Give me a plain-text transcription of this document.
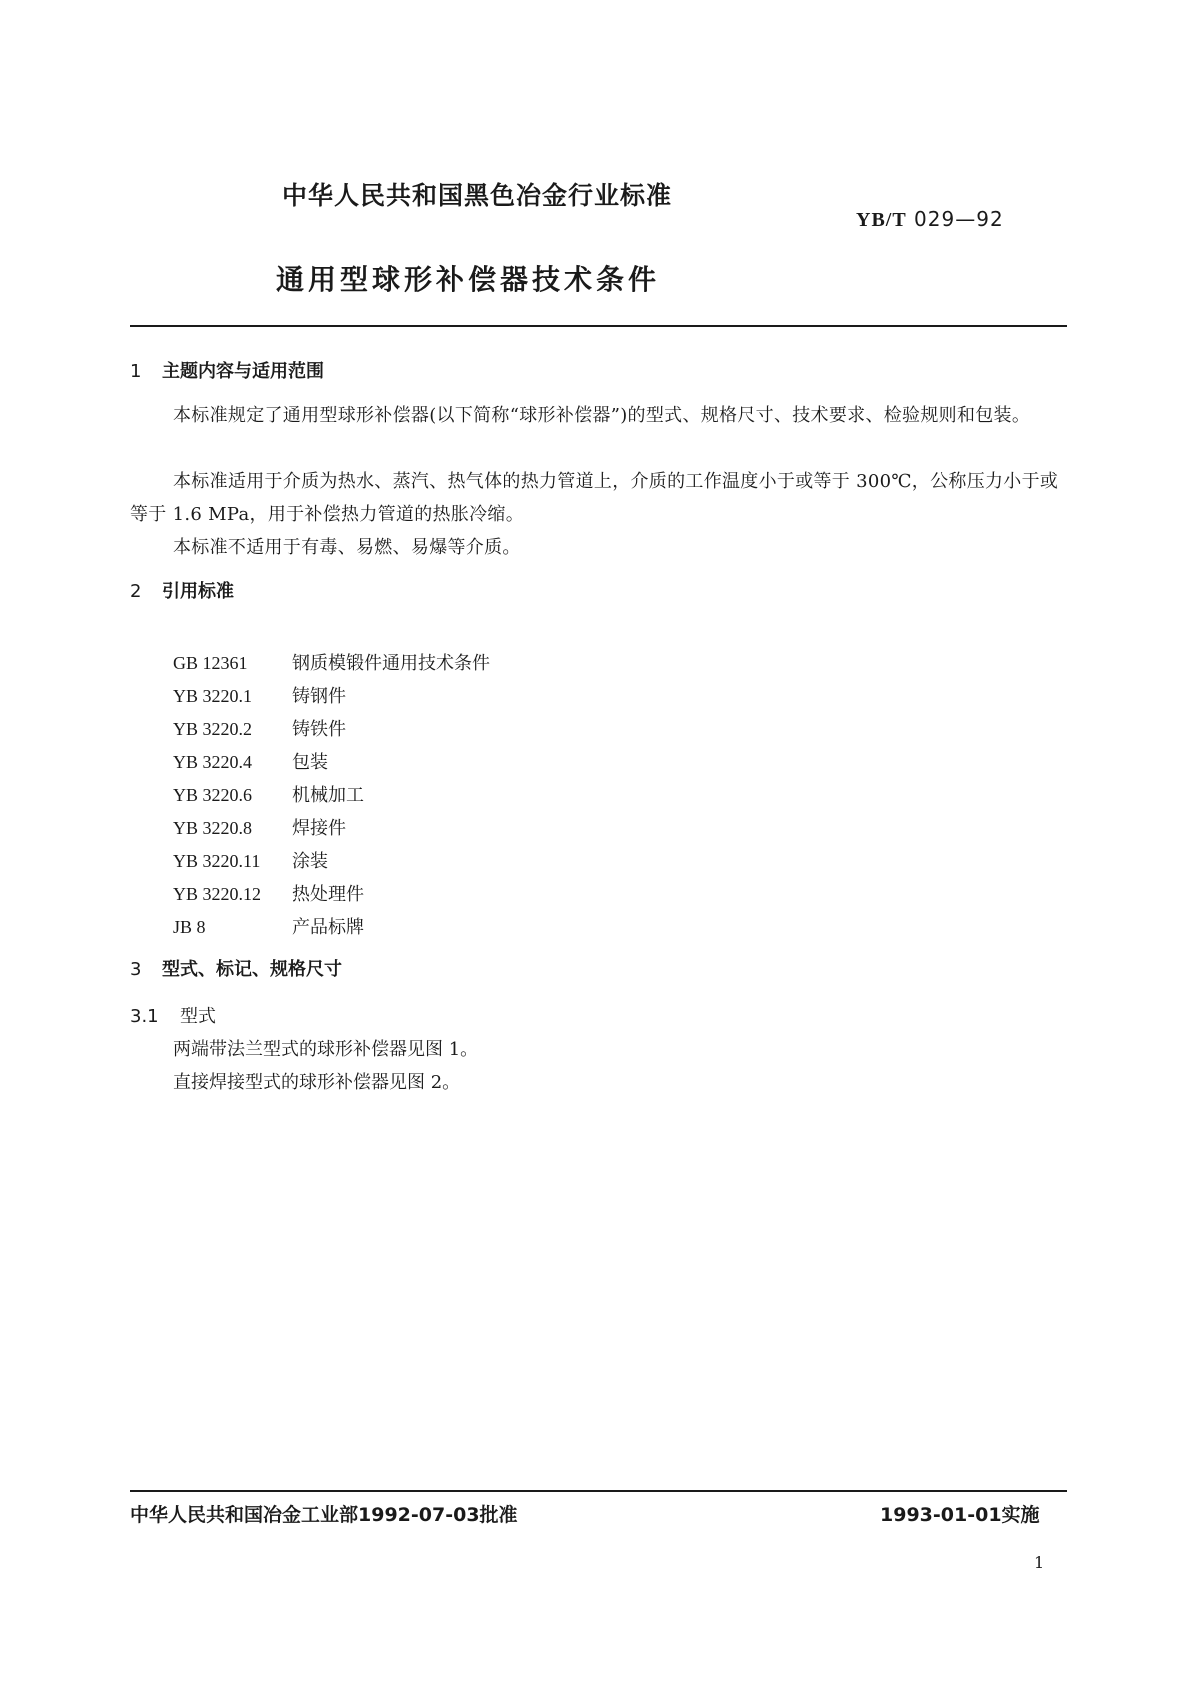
中华人民共和国黑色冶金行业标准
YB/T 029—92
通用型球形补偿器技术条件
1 主题内容与适用范围
本标准规定了通用型球形补偿器(以下简称“球形补偿器”)的型式、规格尺寸、技术要求、检验规则和包装。
本标准适用于介质为热水、蒸汽、热气体的热力管道上，介质的工作温度小于或等于 300℃，公称压力小于或等于 1.6 MPa，用于补偿热力管道的热胀冷缩。
本标准不适用于有毒、易燃、易爆等介质。
2 引用标准
GB 12361 钢质模锻件通用技术条件
YB 3220.1 铸钢件
YB 3220.2 铸铁件
YB 3220.4 包装
YB 3220.6 机械加工
YB 3220.8 焊接件
YB 3220.11 涂装
YB 3220.12 热处理件
JB 8	产品标牌
3 型式、标记、规格尺寸
3.1 型式
两端带法兰型式的球形补偿器见图 1。
直接焊接型式的球形补偿器见图 2。
中华人民共和国冶金工业部1992-07-03批准	1993-01-01实施
1
